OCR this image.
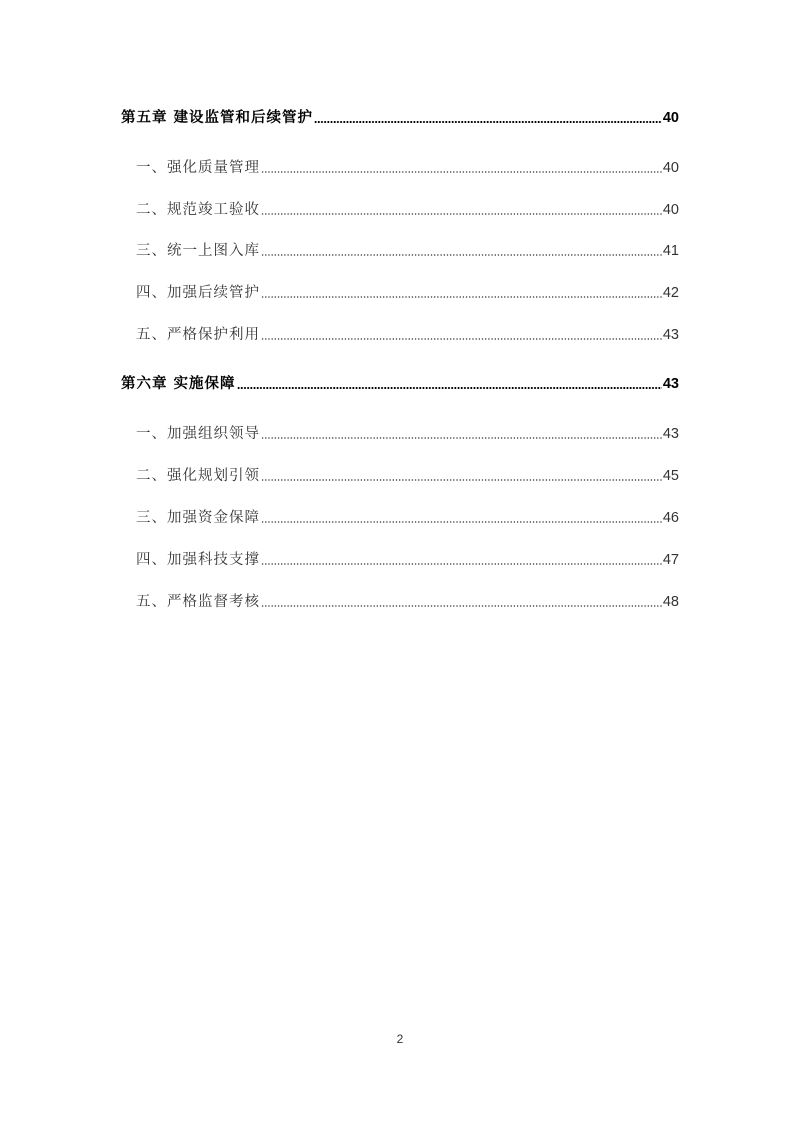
第五章 建设监管和后续管护	40
一、强化质量管理	40
二、规范竣工验收	40
三、统一上图入库	41
四、加强后续管护	42
五、严格保护利用	43
第六章 实施保障	43
一、加强组织领导	43
二、强化规划引领	45
三、加强资金保障	46
四、加强科技支撑	47
五、严格监督考核	48
2
